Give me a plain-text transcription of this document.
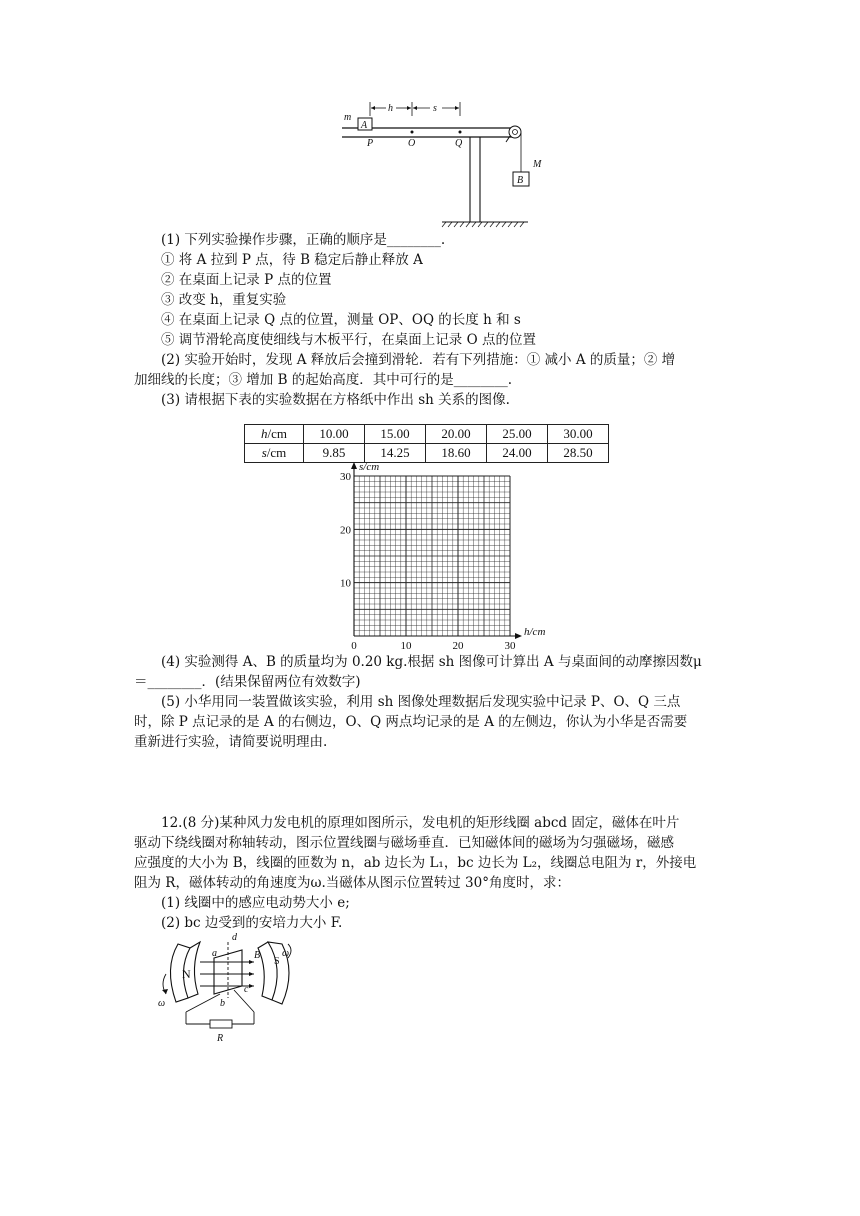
A
m
h	s
P	O	Q
B
M
(1) 下列实验操作步骤，正确的顺序是________.
① 将 A 拉到 P 点，待 B 稳定后静止释放 A
② 在桌面上记录 P 点的位置
③ 改变 h，重复实验
④ 在桌面上记录 Q 点的位置，测量 OP、OQ 的长度 h 和 s
⑤ 调节滑轮高度使细线与木板平行，在桌面上记录 O 点的位置
(2) 实验开始时，发现 A 释放后会撞到滑轮．若有下列措施：① 减小 A 的质量；② 增
加细线的长度；③ 增加 B 的起始高度．其中可行的是________.
(3) 请根据下表的实验数据在方格纸中作出 sh 关系的图像.
h/cm	10.00	15.00	20.00	25.00	30.00
s/cm	9.85	14.25	18.60	24.00	28.50
0	10	20	30
10
20
30
h/cm
s/cm
(4) 实验测得 A、B 的质量均为 0.20 kg.根据 sh 图像可计算出 A 与桌面间的动摩擦因数μ
＝________．(结果保留两位有效数字)
(5) 小华用同一装置做该实验，利用 sh 图像处理数据后发现实验中记录 P、O、Q 三点
时，除 P 点记录的是 A 的右侧边，O、Q 两点均记录的是 A 的左侧边，你认为小华是否需要
重新进行实验，请简要说明理由.
12.(8 分)某种风力发电机的原理如图所示，发电机的矩形线圈 abcd 固定，磁体在叶片
驱动下绕线圈对称轴转动，图示位置线圈与磁场垂直．已知磁体间的磁场为匀强磁场，磁感
应强度的大小为 B，线圈的匝数为 n，ab 边长为 L₁，bc 边长为 L₂，线圈总电阻为 r，外接电
阻为 R，磁体转动的角速度为ω.当磁体从图示位置转过 30°角度时，求：
(1) 线圈中的感应电动势大小 e;
(2) bc 边受到的安培力大小 F.
N
S
B
a
b
c
d
ω
ω
R
